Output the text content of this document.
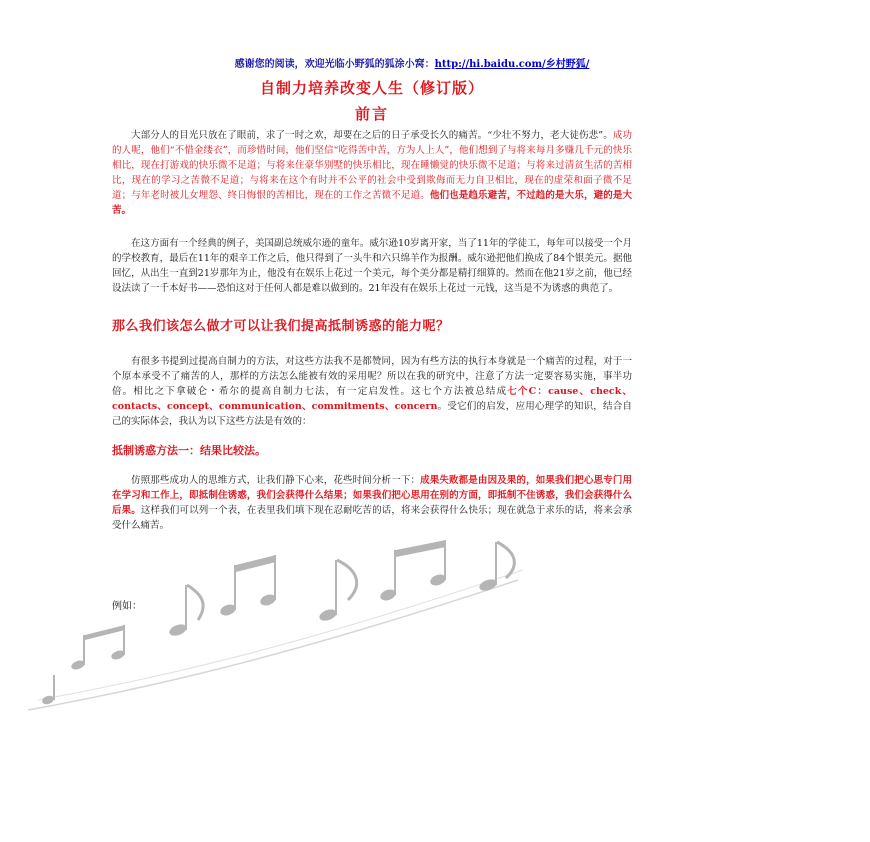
感谢您的阅读，欢迎光临小野狐的狐涂小窝：http://hi.baidu.com/乡村野狐/
自制力培养改变人生（修订版）
前言

大部分人的目光只放在了眼前，求了一时之欢，却要在之后的日子承受长久的痛苦。“少壮不努力，老大徒伤悲”。成功的人呢，他们“不惜金缕衣”，而珍惜时间，他们坚信“吃得苦中苦，方为人上人”，他们想到了与将来每月多赚几千元的快乐相比，现在打游戏的快乐微不足道；与将来住豪华别墅的快乐相比，现在睡懒觉的快乐微不足道；与将来过清贫生活的苦相比，现在的学习之苦微不足道；与将来在这个有时并不公平的社会中受到欺侮而无力自卫相比，现在的虚荣和面子微不足道；与年老时被儿女埋怨、终日悔恨的苦相比，现在的工作之苦微不足道。他们也是趋乐避苦，不过趋的是大乐，避的是大苦。

在这方面有一个经典的例子，美国副总统威尔逊的童年。威尔逊10岁离开家，当了11年的学徒工，每年可以接受一个月的学校教育，最后在11年的艰辛工作之后，他只得到了一头牛和六只绵羊作为报酬。威尔逊把他们换成了84个银美元。据他回忆，从出生一直到21岁那年为止，他没有在娱乐上花过一个美元，每个美分都是精打细算的。然而在他21岁之前，他已经设法读了一千本好书——恐怕这对于任何人都是难以做到的。21年没有在娱乐上花过一元钱，这当是不为诱惑的典范了。

那么我们该怎么做才可以让我们提高抵制诱惑的能力呢？

有很多书提到过提高自制力的方法，对这些方法我不是都赞同，因为有些方法的执行本身就是一个痛苦的过程，对于一个原本承受不了痛苦的人，那样的方法怎么能被有效的采用呢？所以在我的研究中，注意了方法一定要容易实施，事半功倍。相比之下拿破仑・希尔的提高自制力七法，有一定启发性。这七个方法被总结成七个C：cause、check、contacts、concept、communication、commitments、concern。受它们的启发，应用心理学的知识，结合自己的实际体会，我认为以下这些方法是有效的：

抵制诱惑方法一：结果比较法。

仿照那些成功人的思维方式，让我们静下心来，花些时间分析一下：成果失败都是由因及果的，如果我们把心思专门用在学习和工作上，即抵制住诱惑，我们会获得什么结果；如果我们把心思用在别的方面，即抵制不住诱惑，我们会获得什么后果。这样我们可以列一个表，在表里我们填下现在忍耐吃苦的话，将来会获得什么快乐；现在就急于求乐的话，将来会承受什么痛苦。

例如：
